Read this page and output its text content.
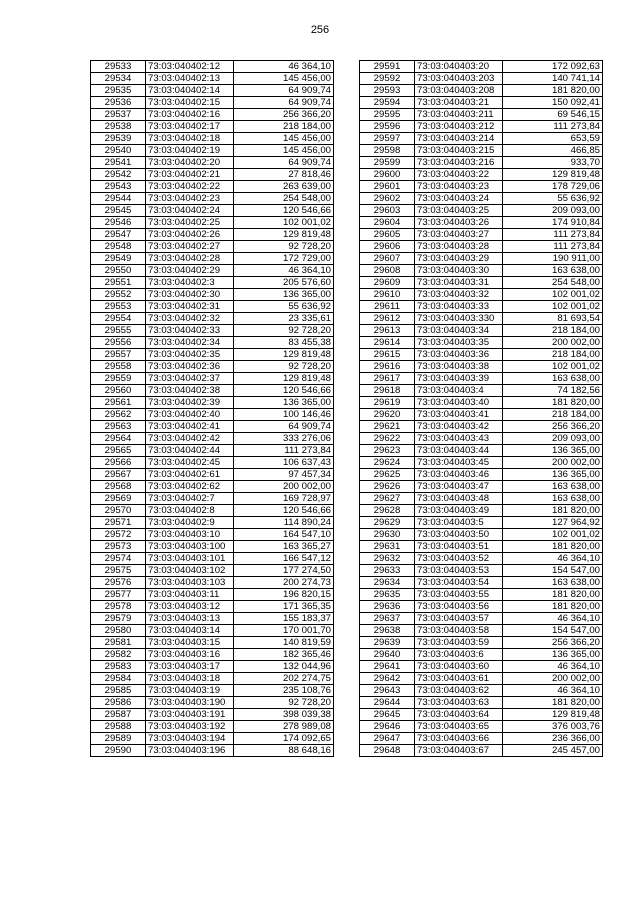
256
29533	73:03:040402:12	46 364,10
29534	73:03:040402:13	145 456,00
29535	73:03:040402:14	64 909,74
29536	73:03:040402:15	64 909,74
29537	73:03:040402:16	256 366,20
29538	73:03:040402:17	218 184,00
29539	73:03:040402:18	145 456,00
29540	73:03:040402:19	145 456,00
29541	73:03:040402:20	64 909,74
29542	73:03:040402:21	27 818,46
29543	73:03:040402:22	263 639,00
29544	73:03:040402:23	254 548,00
29545	73:03:040402:24	120 546,66
29546	73:03:040402:25	102 001,02
29547	73:03:040402:26	129 819,48
29548	73:03:040402:27	92 728,20
29549	73:03:040402:28	172 729,00
29550	73:03:040402:29	46 364,10
29551	73:03:040402:3	205 576,60
29552	73:03:040402:30	136 365,00
29553	73:03:040402:31	55 636,92
29554	73:03:040402:32	23 335,61
29555	73:03:040402:33	92 728,20
29556	73:03:040402:34	83 455,38
29557	73:03:040402:35	129 819,48
29558	73:03:040402:36	92 728,20
29559	73:03:040402:37	129 819,48
29560	73:03:040402:38	120 546,66
29561	73:03:040402:39	136 365,00
29562	73:03:040402:40	100 146,46
29563	73:03:040402:41	64 909,74
29564	73:03:040402:42	333 276,06
29565	73:03:040402:44	111 273,84
29566	73:03:040402:45	106 637,43
29567	73:03:040402:61	97 457,34
29568	73:03:040402:62	200 002,00
29569	73:03:040402:7	169 728,97
29570	73:03:040402:8	120 546,66
29571	73:03:040402:9	114 890,24
29572	73:03:040403:10	164 547,10
29573	73:03:040403:100	163 365,27
29574	73:03:040403:101	166 547,12
29575	73:03:040403:102	177 274,50
29576	73:03:040403:103	200 274,73
29577	73:03:040403:11	196 820,15
29578	73:03:040403:12	171 365,35
29579	73:03:040403:13	155 183,37
29580	73:03:040403:14	170 001,70
29581	73:03:040403:15	140 819,59
29582	73:03:040403:16	182 365,46
29583	73:03:040403:17	132 044,96
29584	73:03:040403:18	202 274,75
29585	73:03:040403:19	235 108,76
29586	73:03:040403:190	92 728,20
29587	73:03:040403:191	398 039,38
29588	73:03:040403:192	278 989,08
29589	73:03:040403:194	174 092,65
29590	73:03:040403:196	88 648,16
29591	73:03:040403:20	172 092,63
29592	73:03:040403:203	140 741,14
29593	73:03:040403:208	181 820,00
29594	73:03:040403:21	150 092,41
29595	73:03:040403:211	69 546,15
29596	73:03:040403:212	111 273,84
29597	73:03:040403:214	653,59
29598	73:03:040403:215	466,85
29599	73:03:040403:216	933,70
29600	73:03:040403:22	129 819,48
29601	73:03:040403:23	178 729,06
29602	73:03:040403:24	55 636,92
29603	73:03:040403:25	209 093,00
29604	73:03:040403:26	174 910,84
29605	73:03:040403:27	111 273,84
29606	73:03:040403:28	111 273,84
29607	73:03:040403:29	190 911,00
29608	73:03:040403:30	163 638,00
29609	73:03:040403:31	254 548,00
29610	73:03:040403:32	102 001,02
29611	73:03:040403:33	102 001,02
29612	73:03:040403:330	81 693,54
29613	73:03:040403:34	218 184,00
29614	73:03:040403:35	200 002,00
29615	73:03:040403:36	218 184,00
29616	73:03:040403:38	102 001,02
29617	73:03:040403:39	163 638,00
29618	73:03:040403:4	74 182,56
29619	73:03:040403:40	181 820,00
29620	73:03:040403:41	218 184,00
29621	73:03:040403:42	256 366,20
29622	73:03:040403:43	209 093,00
29623	73:03:040403:44	136 365,00
29624	73:03:040403:45	200 002,00
29625	73:03:040403:46	136 365,00
29626	73:03:040403:47	163 638,00
29627	73:03:040403:48	163 638,00
29628	73:03:040403:49	181 820,00
29629	73:03:040403:5	127 964,92
29630	73:03:040403:50	102 001,02
29631	73:03:040403:51	181 820,00
29632	73:03:040403:52	46 364,10
29633	73:03:040403:53	154 547,00
29634	73:03:040403:54	163 638,00
29635	73:03:040403:55	181 820,00
29636	73:03:040403:56	181 820,00
29637	73:03:040403:57	46 364,10
29638	73:03:040403:58	154 547,00
29639	73:03:040403:59	256 366,20
29640	73:03:040403:6	136 365,00
29641	73:03:040403:60	46 364,10
29642	73:03:040403:61	200 002,00
29643	73:03:040403:62	46 364,10
29644	73:03:040403:63	181 820,00
29645	73:03:040403:64	129 819,48
29646	73:03:040403:65	376 003,76
29647	73:03:040403:66	236 366,00
29648	73:03:040403:67	245 457,00
